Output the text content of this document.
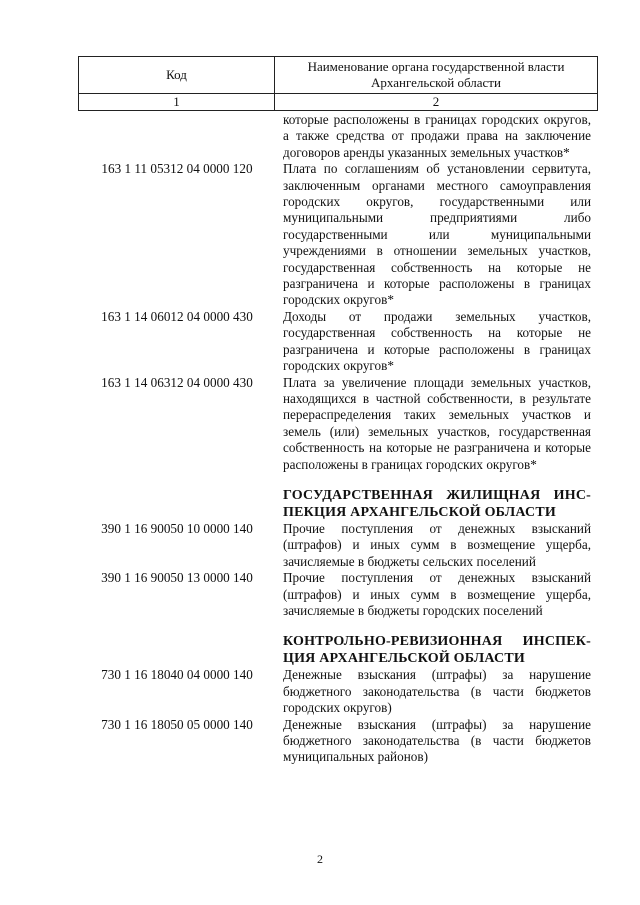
Код	Наименование органа государственной власти Архангельской области
1	2
которые расположены в границах городских округов, а также средства от продажи права на заключение договоров аренды указанных земельных участков*
163 1 11 05312 04 0000 120	Плата по соглашениям об установлении сервитута, заключенным органами местного самоуправления городских округов, государственными или муниципальными предприятиями либо государственными или муниципальными учреждениями в отношении земельных участков, государственная собственность на которые не разграничена и которые расположены в границах городских округов*
163 1 14 06012 04 0000 430	Доходы от продажи земельных участков, государственная собственность на которые не разграничена и которые расположены в границах городских округов*
163 1 14 06312 04 0000 430	Плата за увеличение площади земельных участков, находящихся в частной собственности, в результате перераспределения таких земельных участков и земель (или) земельных участков, государственная собственность на которые не разграничена и которые расположены в границах городских округов*
ГОСУДАРСТВЕННАЯ ЖИЛИЩНАЯ ИНС- ПЕКЦИЯ АРХАНГЕЛЬСКОЙ ОБЛАСТИ
390 1 16 90050 10 0000 140	Прочие поступления от денежных взысканий (штрафов) и иных сумм в возмещение ущерба, зачисляемые в бюджеты сельских поселений
390 1 16 90050 13 0000 140	Прочие поступления от денежных взысканий (штрафов) и иных сумм в возмещение ущерба, зачисляемые в бюджеты городских поселений
КОНТРОЛЬНО-РЕВИЗИОННАЯ ИНСПЕК- ЦИЯ АРХАНГЕЛЬСКОЙ ОБЛАСТИ
730 1 16 18040 04 0000 140	Денежные взыскания (штрафы) за нарушение бюджетного законодательства (в части бюджетов городских округов)
730 1 16 18050 05 0000 140	Денежные взыскания (штрафы) за нарушение бюджетного законодательства (в части бюджетов муниципальных районов)
2
